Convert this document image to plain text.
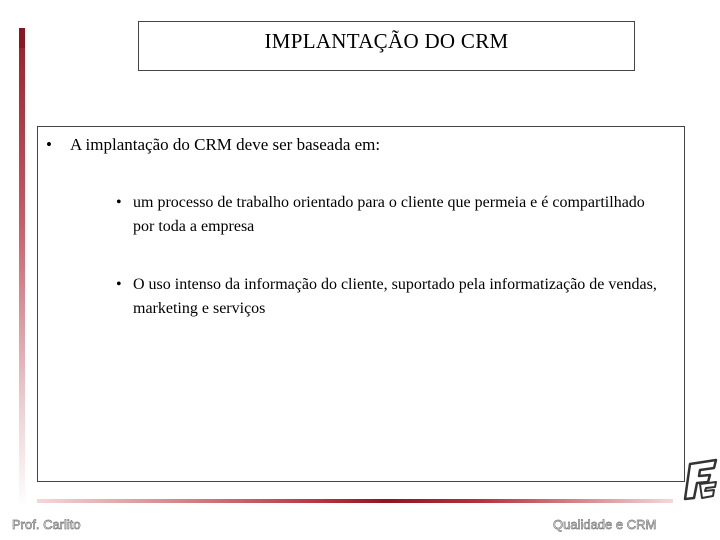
IMPLANTAÇÃO DO CRM
• A implantação do CRM deve ser baseada em:
• um processo de trabalho orientado para o cliente que permeia e é compartilhado por toda a empresa
• O uso intenso da informação do cliente, suportado pela informatização de vendas, marketing e serviços
Prof. Carlito	Qualidade e CRM
